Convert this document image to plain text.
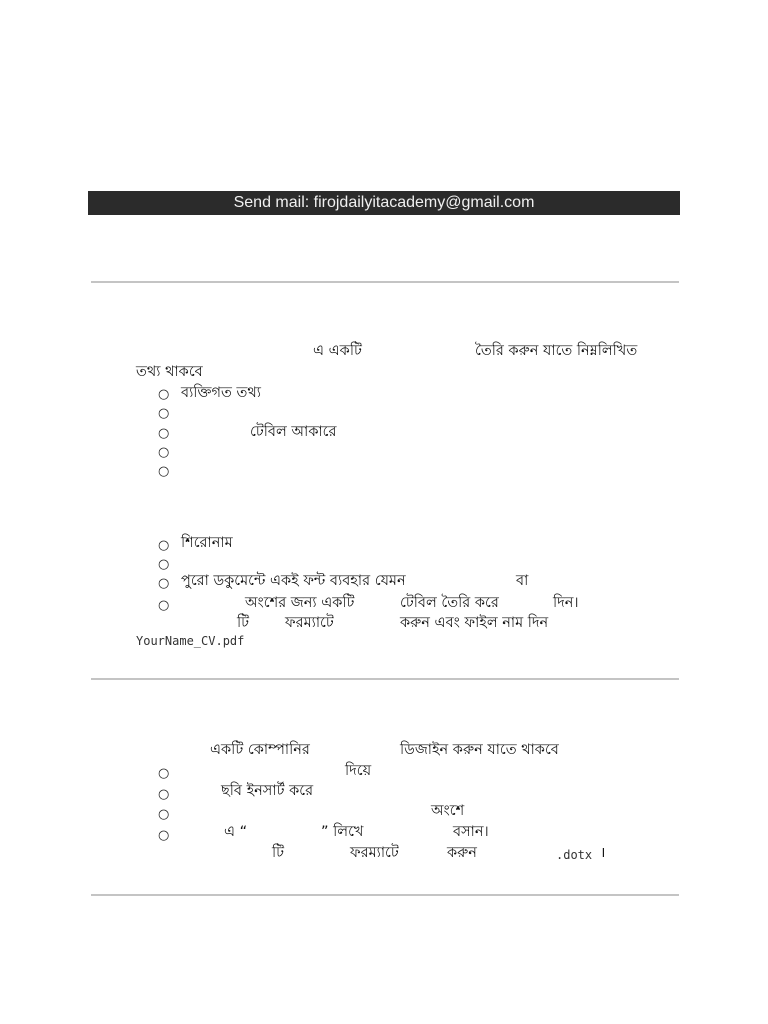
Send mail: firojdailyitacademy@gmail.com
এ একটি	তৈরি করুন যাতে নিম্নলিখিত
তথ্য থাকবে
○ ব্যক্তিগত তথ্য
○
○	টেবিল আকারে
○
○
○ শিরোনাম
○
○ পুরো ডকুমেন্টে একই ফন্ট ব্যবহার যেমন	বা
○	অংশের জন্য একটি	টেবিল তৈরি করে	দিন।
টি ফরম্যাটে	করুন এবং ফাইল নাম দিন
YourName_CV.pdf
একটি কোম্পানির	ডিজাইন করুন যাতে থাকবে
○	দিয়ে
○	ছবি ইনসার্ট করে
○	অংশে
○	এ “	” লিখে	বসান।
টি	ফরম্যাটে	করুন	.dotx ।
